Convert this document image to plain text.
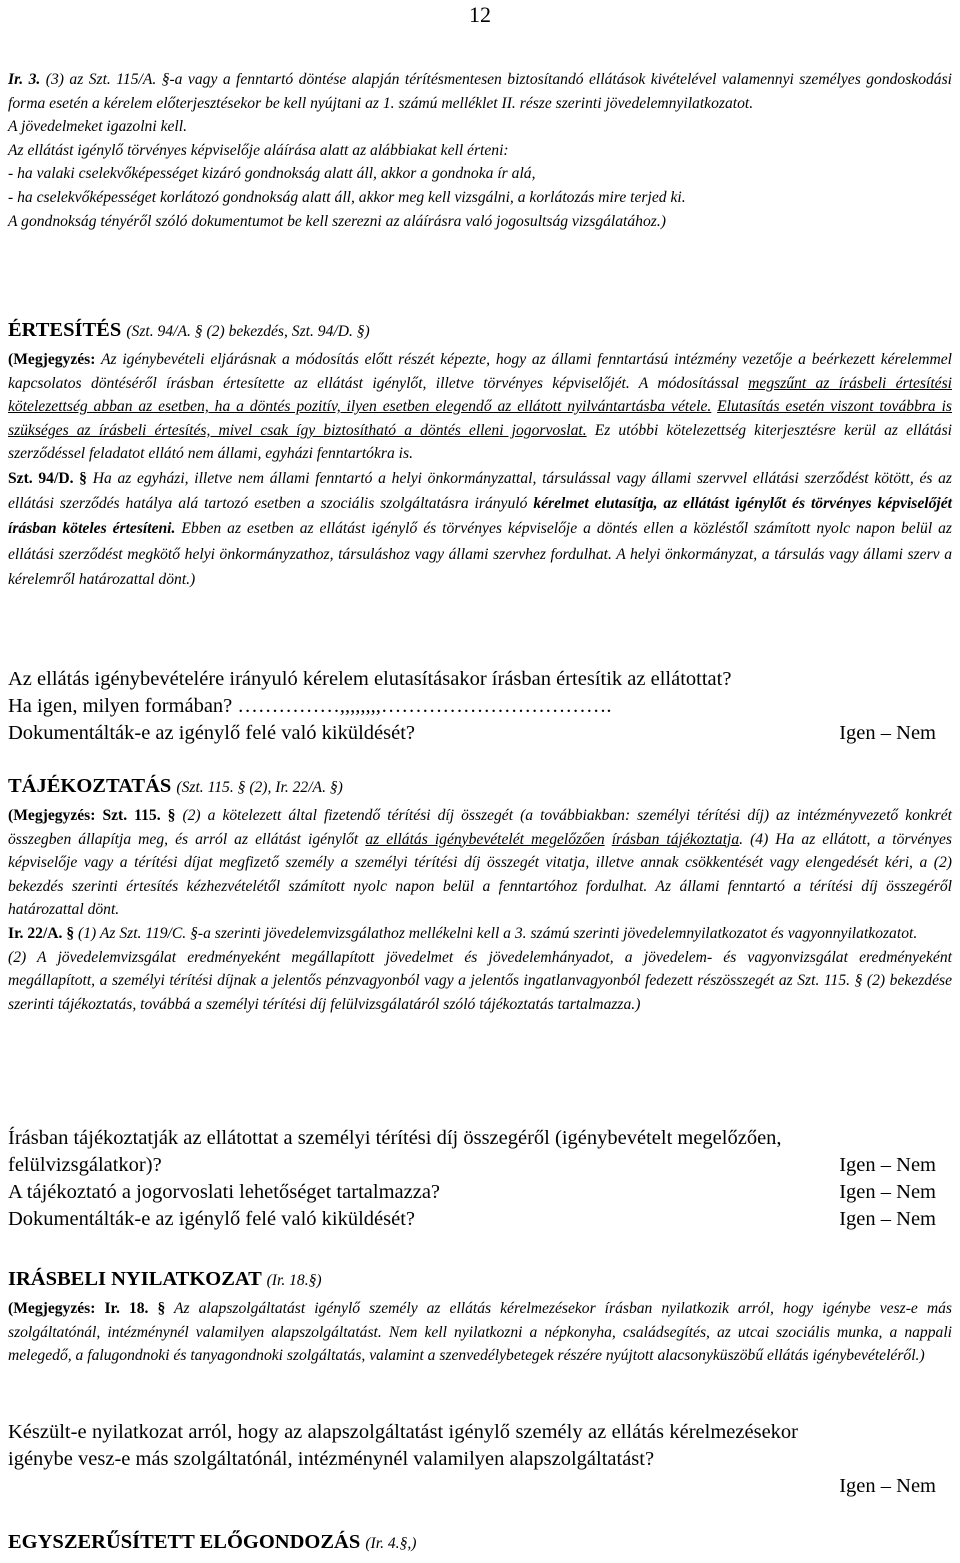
12

Ir. 3. (3) az Szt. 115/A. §-a vagy a fenntartó döntése alapján térítésmentesen biztosítandó ellátások kivételével valamennyi személyes gondoskodási forma esetén a kérelem előterjesztésekor be kell nyújtani az 1. számú melléklet II. része szerinti jövedelemnyilatkozatot.

A jövedelmeket igazolni kell.

Az ellátást igénylő törvényes képviselője aláírása alatt az alábbiakat kell érteni:

- ha valaki cselekvőképességet kizáró gondnokság alatt áll, akkor a gondnoka ír alá,

- ha cselekvőképességet korlátozó gondnokság alatt áll, akkor meg kell vizsgálni, a korlátozás mire terjed ki.

A gondnokság tényéről szóló dokumentumot be kell szerezni az aláírásra való jogosultság vizsgálatához.)

ÉRTESÍTÉS (Szt. 94/A. § (2) bekezdés, Szt. 94/D. §)

(Megjegyzés: Az igénybevételi eljárásnak a módosítás előtt részét képezte, hogy az állami fenntartású intézmény vezetője a beérkezett kérelemmel kapcsolatos döntéséről írásban értesítette az ellátást igénylőt, illetve törvényes képviselőjét. A módosítással megszűnt az írásbeli értesítési kötelezettség abban az esetben, ha a döntés pozitív, ilyen esetben elegendő az ellátott nyilvántartásba vétele. Elutasítás esetén viszont továbbra is szükséges az írásbeli értesítés, mivel csak így biztosítható a döntés elleni jogorvoslat. Ez utóbbi kötelezettség kiterjesztésre kerül az ellátási szerződéssel feladatot ellátó nem állami, egyházi fenntartókra is.

Szt. 94/D. § Ha az egyházi, illetve nem állami fenntartó a helyi önkormányzattal, társulással vagy állami szervvel ellátási szerződést kötött, és az ellátási szerződés hatálya alá tartozó esetben a szociális szolgáltatásra irányuló kérelmet elutasítja, az ellátást igénylőt és törvényes képviselőjét írásban köteles értesíteni. Ebben az esetben az ellátást igénylő és törvényes képviselője a döntés ellen a közléstől számított nyolc napon belül az ellátási szerződést megkötő helyi önkormányzathoz, társuláshoz vagy állami szervhez fordulhat. A helyi önkormányzat, a társulás vagy állami szerv a kérelemről határozattal dönt.)

Az ellátás igénybevételére irányuló kérelem elutasításakor írásban értesítik az ellátottat?

Ha igen, milyen formában? ……………,,,,,,,,…………………………….

Dokumentálták-e az igénylő felé való kiküldését?	Igen – Nem

TÁJÉKOZTATÁS (Szt. 115. § (2), Ir. 22/A. §)

(Megjegyzés: Szt. 115. § (2) a kötelezett által fizetendő térítési díj összegét (a továbbiakban: személyi térítési díj) az intézményvezető konkrét összegben állapítja meg, és arról az ellátást igénylőt az ellátás igénybevételét megelőzően írásban tájékoztatja. (4) Ha az ellátott, a törvényes képviselője vagy a térítési díjat megfizető személy a személyi térítési díj összegét vitatja, illetve annak csökkentését vagy elengedését kéri, a (2) bekezdés szerinti értesítés kézhezvételétől számított nyolc napon belül a fenntartóhoz fordulhat. Az állami fenntartó a térítési díj összegéről határozattal dönt.

Ir. 22/A. § (1) Az Szt. 119/C. §-a szerinti jövedelemvizsgálathoz mellékelni kell a 3. számú szerinti jövedelemnyilatkozatot és vagyonnyilatkozatot.

(2) A jövedelemvizsgálat eredményeként megállapított jövedelmet és jövedelemhányadot, a jövedelem- és vagyonvizsgálat eredményeként megállapított, a személyi térítési díjnak a jelentős pénzvagyonból vagy a jelentős ingatlanvagyonból fedezett részösszegét az Szt. 115. § (2) bekezdése szerinti tájékoztatás, továbbá a személyi térítési díj felülvizsgálatáról szóló tájékoztatás tartalmazza.)

Írásban tájékoztatják az ellátottat a személyi térítési díj összegéről (igénybevételt megelőzően,

felülvizsgálatkor)?	Igen – Nem
A tájékoztató a jogorvoslati lehetőséget tartalmazza?	Igen – Nem
Dokumentálták-e az igénylő felé való kiküldését?	Igen – Nem

IRÁSBELI NYILATKOZAT (Ir. 18.§)

(Megjegyzés: Ir. 18. § Az alapszolgáltatást igénylő személy az ellátás kérelmezésekor írásban nyilatkozik arról, hogy igénybe vesz-e más szolgáltatónál, intézménynél valamilyen alapszolgáltatást. Nem kell nyilatkozni a népkonyha, családsegítés, az utcai szociális munka, a nappali melegedő, a falugondnoki és tanyagondnoki szolgáltatás, valamint a szenvedélybetegek részére nyújtott alacsonyküszöbű ellátás igénybevételéről.)

Készült-e nyilatkozat arról, hogy az alapszolgáltatást igénylő személy az ellátás kérelmezésekor igénybe vesz-e más szolgáltatónál, intézménynél valamilyen alapszolgáltatást?

Igen – Nem

EGYSZERŰSÍTETT ELŐGONDOZÁS (Ir. 4.§,)
